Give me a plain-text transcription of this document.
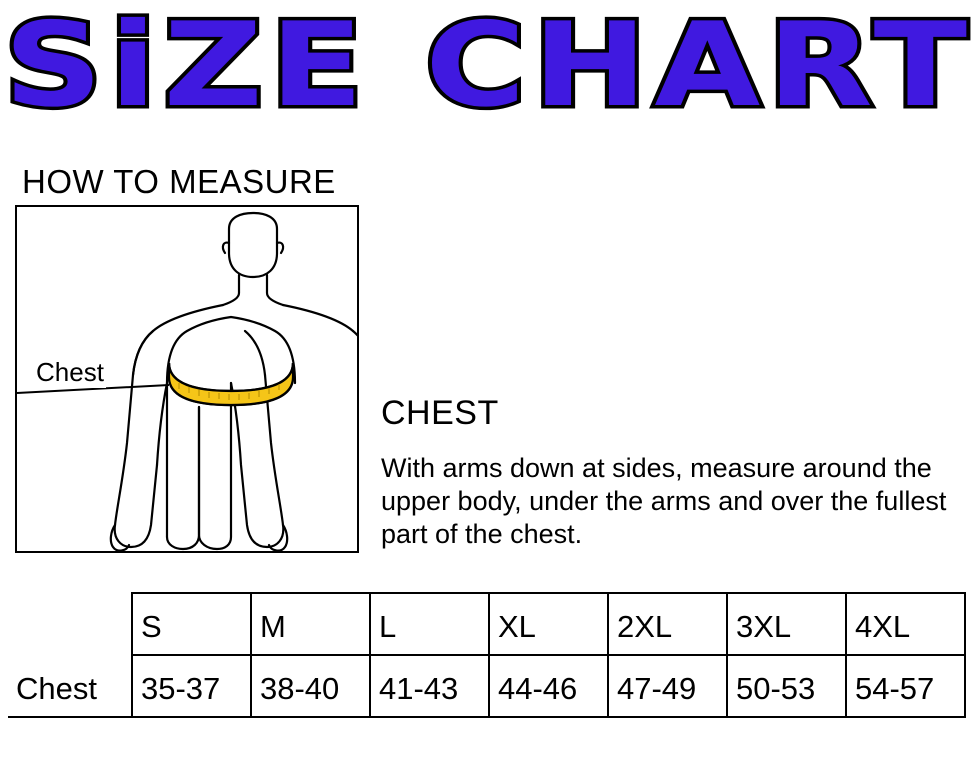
SiZE CHART
HOW TO MEASURE
Chest
CHEST
With arms down at sides, measure around the upper body, under the arms and over the fullest part of the chest.
	S	M	L	XL	2XL	3XL	4XL
Chest	35-37	38-40	41-43	44-46	47-49	50-53	54-57
